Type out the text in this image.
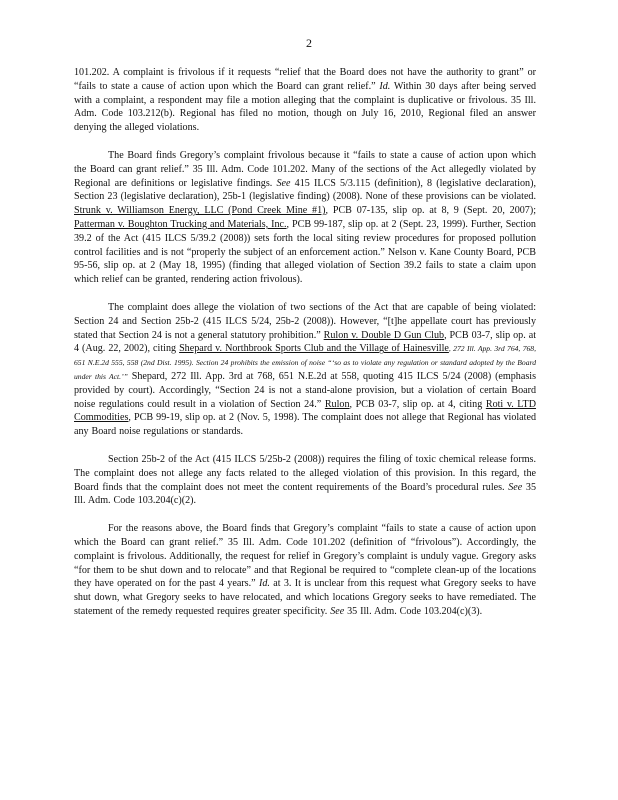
2

101.202. A complaint is frivolous if it requests “relief that the Board does not have the authority to grant” or “fails to state a cause of action upon which the Board can grant relief.” Id. Within 30 days after being served with a complaint, a respondent may file a motion alleging that the complaint is duplicative or frivolous. 35 Ill. Adm. Code 103.212(b). Regional has filed no motion, though on July 16, 2010, Regional filed an answer denying the alleged violations.

The Board finds Gregory’s complaint frivolous because it “fails to state a cause of action upon which the Board can grant relief.” 35 Ill. Adm. Code 101.202. Many of the sections of the Act allegedly violated by Regional are definitions or legislative findings. See 415 ILCS 5/3.115 (definition), 8 (legislative declaration), Section 23 (legislative declaration), 25b-1 (legislative finding) (2008). None of these provisions can be violated. Strunk v. Williamson Energy, LLC (Pond Creek Mine #1), PCB 07-135, slip op. at 8, 9 (Sept. 20, 2007); Patterman v. Boughton Trucking and Materials, Inc., PCB 99-187, slip op. at 2 (Sept. 23, 1999). Further, Section 39.2 of the Act (415 ILCS 5/39.2 (2008)) sets forth the local siting review procedures for proposed pollution control facilities and is not “properly the subject of an enforcement action.” Nelson v. Kane County Board, PCB 95-56, slip op. at 2 (May 18, 1995) (finding that alleged violation of Section 39.2 fails to state a claim upon which relief can be granted, rendering action frivolous).

The complaint does allege the violation of two sections of the Act that are capable of being violated: Section 24 and Section 25b-2 (415 ILCS 5/24, 25b-2 (2008)). However, “[t]he appellate court has previously stated that Section 24 is not a general statutory prohibition.” Rulon v. Double D Gun Club, PCB 03-7, slip op. at 4 (Aug. 22, 2002), citing Shepard v. Northbrook Sports Club and the Village of Hainesville, 272 Ill. App. 3rd 764, 768, 651 N.E.2d 555, 558 (2nd Dist. 1995). Section 24 prohibits the emission of noise “‘so as to violate any regulation or standard adopted by the Board under this Act.’” Shepard, 272 Ill. App. 3rd at 768, 651 N.E.2d at 558, quoting 415 ILCS 5/24 (2008) (emphasis provided by court). Accordingly, “Section 24 is not a stand-alone provision, but a violation of certain Board noise regulations could result in a violation of Section 24.” Rulon, PCB 03-7, slip op. at 4, citing Roti v. LTD Commodities, PCB 99-19, slip op. at 2 (Nov. 5, 1998). The complaint does not allege that Regional has violated any Board noise regulations or standards.

Section 25b-2 of the Act (415 ILCS 5/25b-2 (2008)) requires the filing of toxic chemical release forms. The complaint does not allege any facts related to the alleged violation of this provision. In this regard, the Board finds that the complaint does not meet the content requirements of the Board’s procedural rules. See 35 Ill. Adm. Code 103.204(c)(2).

For the reasons above, the Board finds that Gregory’s complaint “fails to state a cause of action upon which the Board can grant relief.” 35 Ill. Adm. Code 101.202 (definition of “frivolous”). Accordingly, the complaint is frivolous. Additionally, the request for relief in Gregory’s complaint is unduly vague. Gregory asks “for them to be shut down and to relocate” and that Regional be required to “complete clean-up of the locations they have operated on for the past 4 years.” Id. at 3. It is unclear from this request what Gregory seeks to have shut down, what Gregory seeks to have relocated, and which locations Gregory seeks to have remediated. The statement of the remedy requested requires greater specificity. See 35 Ill. Adm. Code 103.204(c)(3).
